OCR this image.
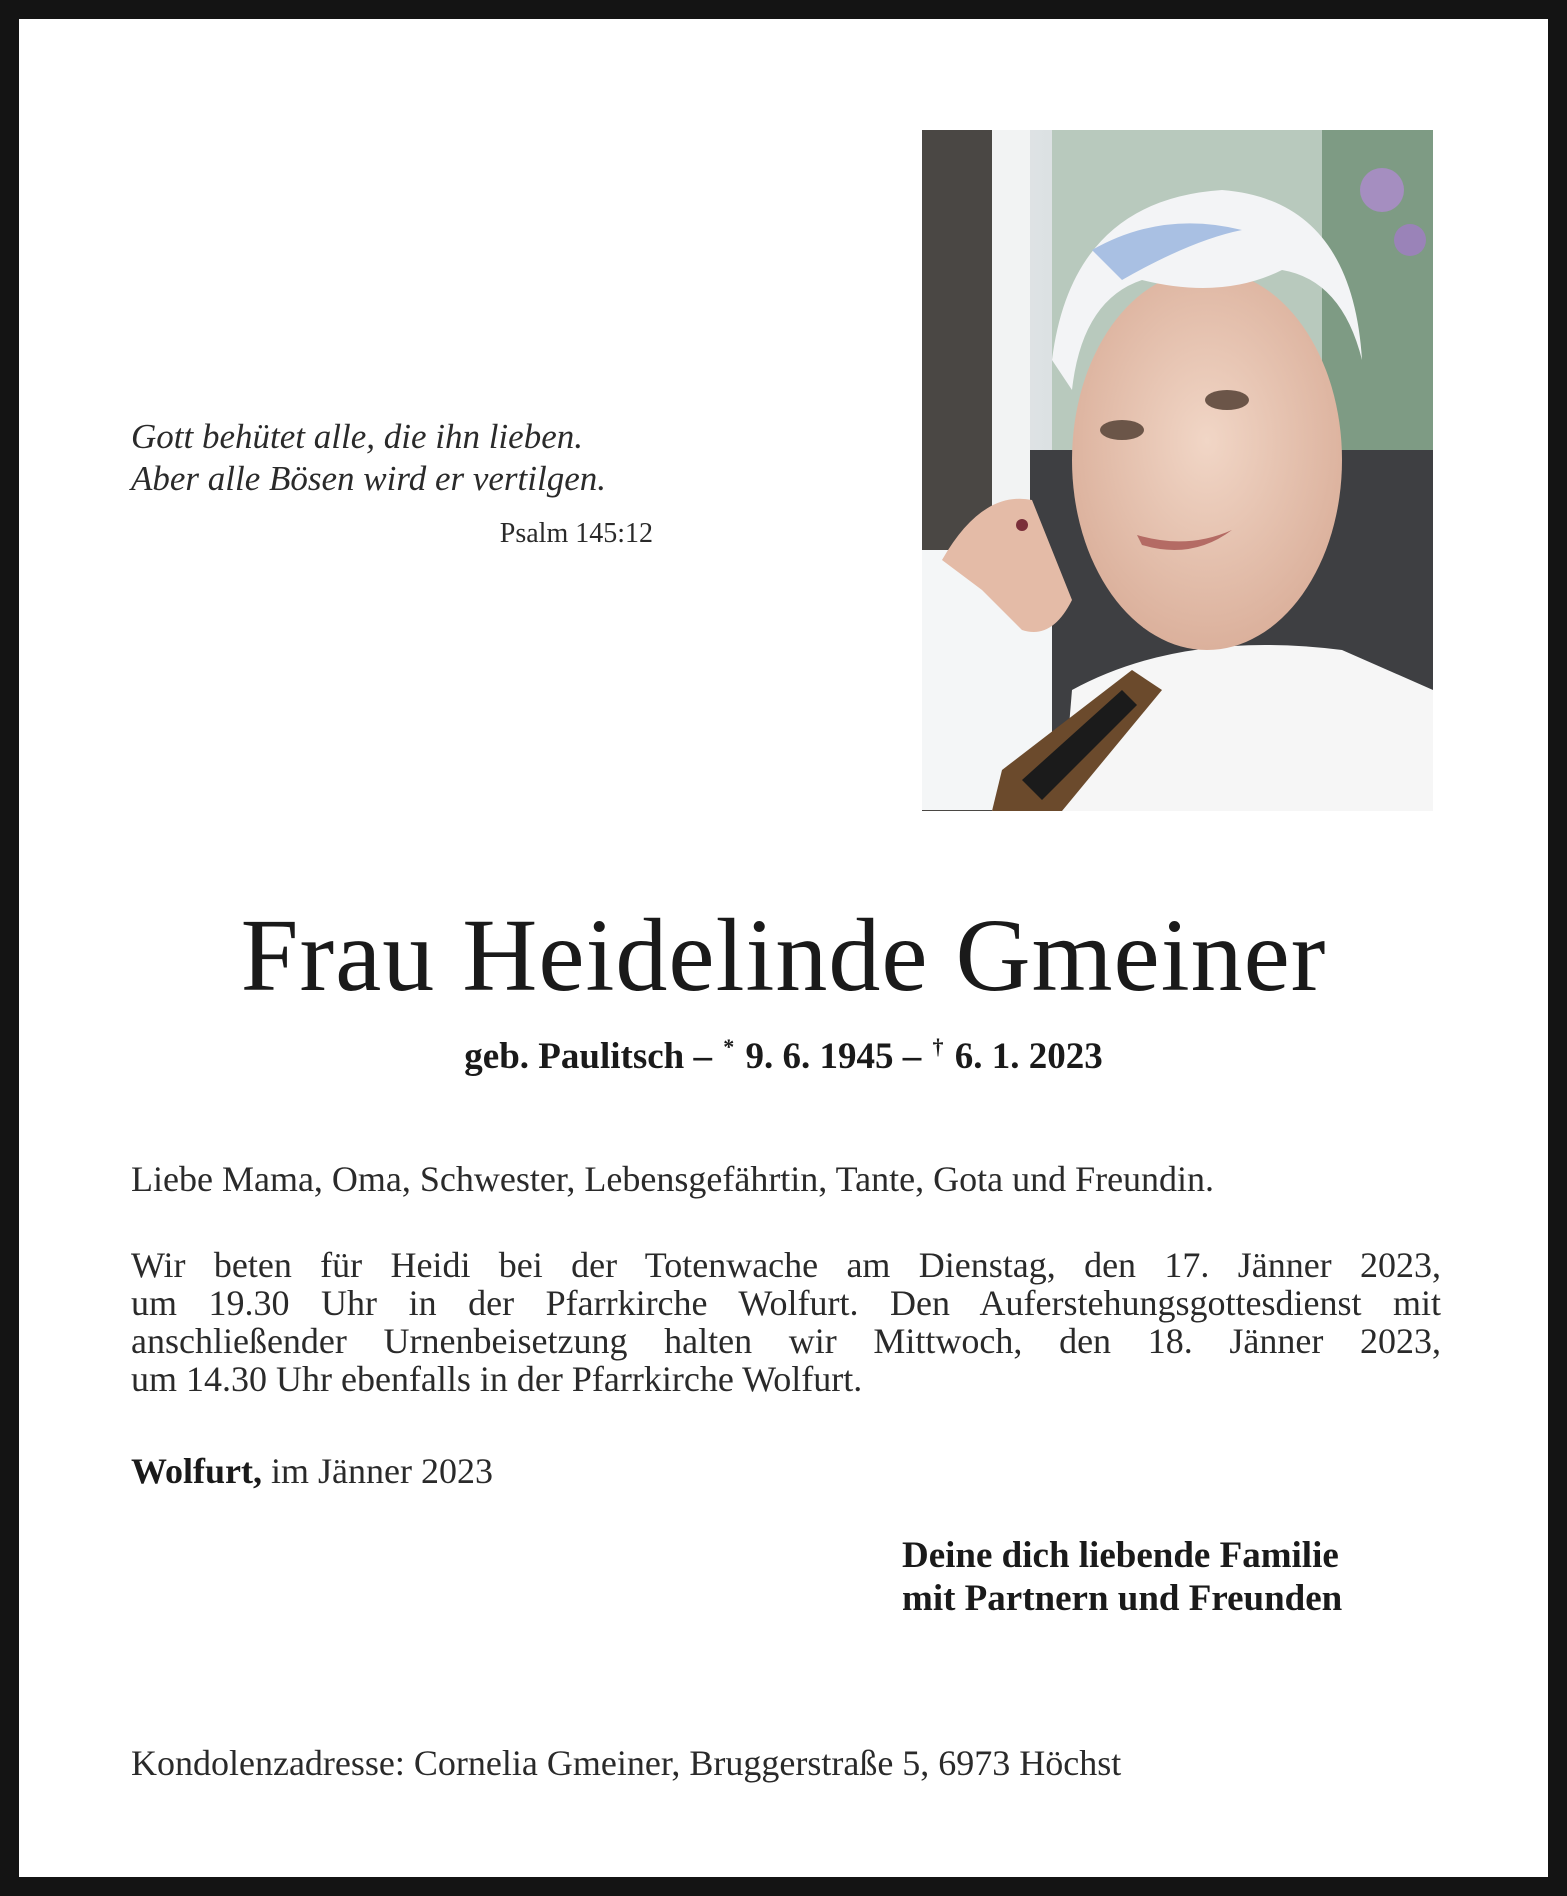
Gott behütet alle, die ihn lieben.
Aber alle Bösen wird er vertilgen.
Psalm 145:12
Frau Heidelinde Gmeiner
geb. Paulitsch – * 9. 6. 1945 – † 6. 1. 2023
Liebe Mama, Oma, Schwester, Lebensgefährtin, Tante, Gota und Freundin.
Wir beten für Heidi bei der Totenwache am Dienstag, den 17. Jänner 2023,
um 19.30 Uhr in der Pfarrkirche Wolfurt. Den Auferstehungsgottesdienst mit
anschließender Urnenbeisetzung halten wir Mittwoch, den 18. Jänner 2023,
um 14.30 Uhr ebenfalls in der Pfarrkirche Wolfurt.
Wolfurt, im Jänner 2023
Deine dich liebende Familie
mit Partnern und Freunden
Kondolenzadresse: Cornelia Gmeiner, Bruggerstraße 5, 6973 Höchst
